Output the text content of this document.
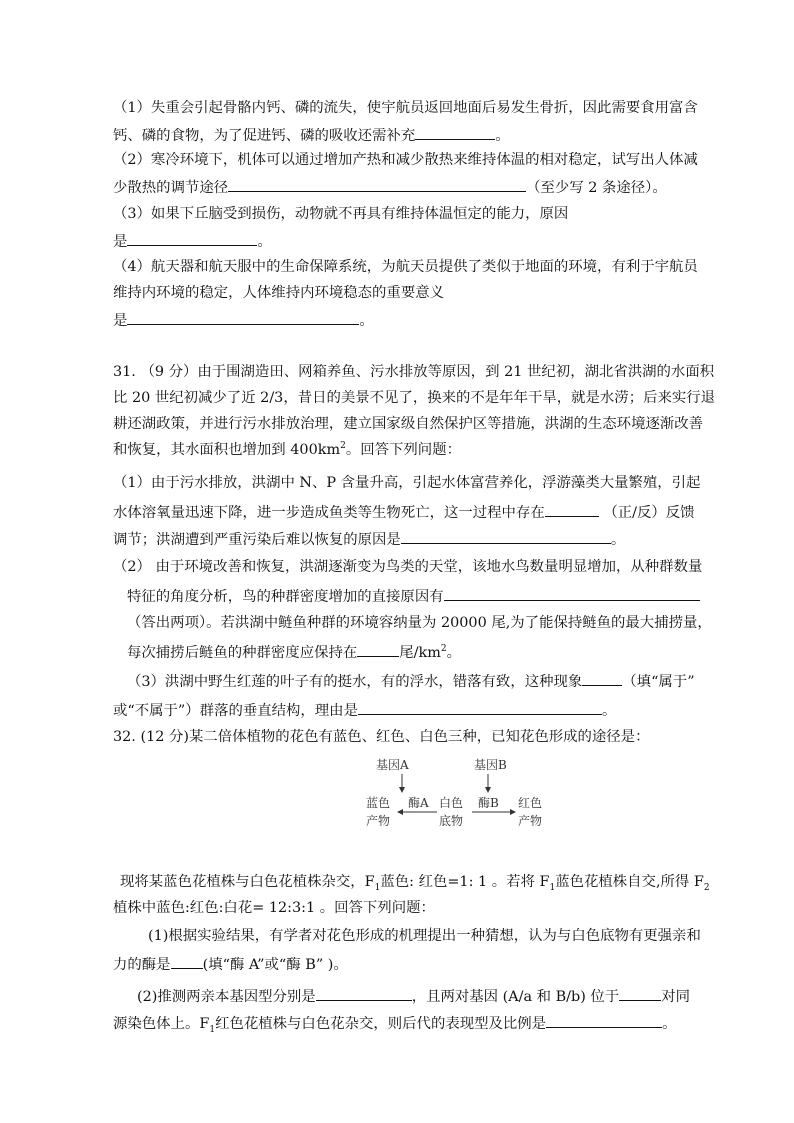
（1）失重会引起骨骼内钙、磷的流失，使宇航员返回地面后易发生骨折，因此需要食用富含
钙、磷的食物，为了促进钙、磷的吸收还需补充	。
（2）寒冷环境下，机体可以通过增加产热和减少散热来维持体温的相对稳定，试写出人体减
少散热的调节途径	（至少写 2 条途径）。
（3）如果下丘脑受到损伤，动物就不再具有维持体温恒定的能力，原因
是	。
（4）航天器和航天服中的生命保障系统，为航天员提供了类似于地面的环境，有利于宇航员
维持内环境的稳定，人体维持内环境稳态的重要意义
是	。
31. （9 分）由于围湖造田、网箱养鱼、污水排放等原因，到 21 世纪初，湖北省洪湖的水面积
比 20 世纪初减少了近 2/3，昔日的美景不见了，换来的不是年年干旱，就是水涝；后来实行退
耕还湖政策，并进行污水排放治理，建立国家级自然保护区等措施，洪湖的生态环境逐渐改善
和恢复，其水面积也增加到 $400km^2$。回答下列问题：
（1）由于污水排放，洪湖中 N、P 含量升高，引起水体富营养化，浮游藻类大量繁殖，引起
水体溶氧量迅速下降，进一步造成鱼类等生物死亡，这一过程中存在	（正/反）反馈
调节；洪湖遭到严重污染后难以恢复的原因是	。
（2） 由于环境改善和恢复，洪湖逐渐变为鸟类的天堂，该地水鸟数量明显增加，从种群数量
特征的角度分析，鸟的种群密度增加的直接原因有
（答出两项）。若洪湖中鲢鱼种群的环境容纳量为 20000 尾,为了能保持鲢鱼的最大捕捞量，
每次捕捞后鲢鱼的种群密度应保持在	尾$/km^2$。
（3）洪湖中野生红莲的叶子有的挺水，有的浮水，错落有致，这种现象	（填“属于”
或“不属于”）群落的垂直结构，理由是	。
32. (12 分)某二倍体植物的花色有蓝色、红色、白色三种，已知花色形成的途径是：
基因A	基因B
蓝色
产物
白色
底物
红色
产物
酶A	酶B
现将某蓝色花植株与白色花植株杂交，$F_1$蓝色: 红色=1: 1 。若将 $F_1$蓝色花植株自交,所得 $F_2$
植株中蓝色:红色:白花= 12:3:1 。回答下列问题：
(1)根据实验结果，有学者对花色形成的机理提出一种猜想，认为与白色底物有更强亲和
力的酶是 (填“酶 A”或“酶 B” )。
(2)推测两亲本基因型分别是	，且两对基因 (A/a 和 B/b) 位于	对同
源染色体上。$F_1$红色花植株与白色花杂交，则后代的表现型及比例是	。
